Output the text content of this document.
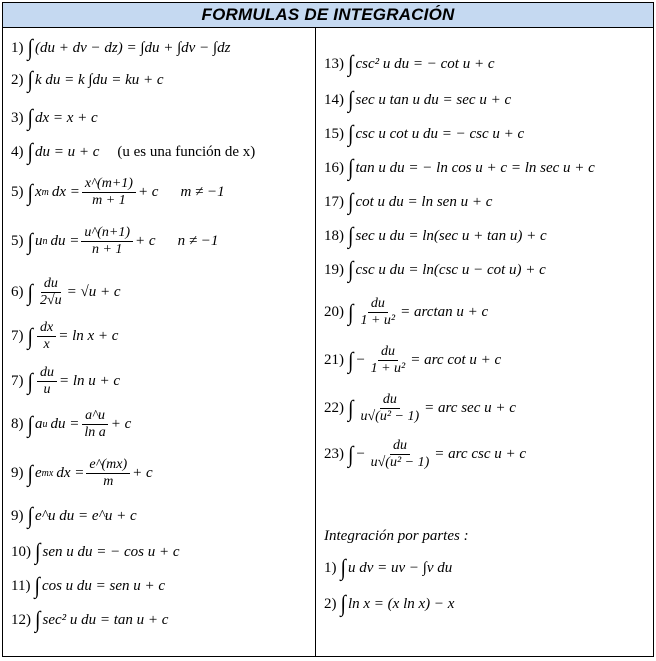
FORMULAS DE INTEGRACIÓN
1) ∫ (du + dv − dz) = ∫du + ∫dv − ∫dz
2) ∫ k du = k ∫du = ku + c
3) ∫ dx = x + c
4) ∫ du = u + c (u es una función de x)
5) ∫ x m dx = $\frac{x\^{}(m+1)}{m + 1} + c$ m ≠ −1
5) ∫ u n du = $\frac{u\^{}(n+1)}{n + 1} + c$ n ≠ −1
6) ∫ $\frac{du}{2√u} = √u + c$
7) ∫ $\frac{dx}{x} = \ln x + c$
7) ∫ $\frac{du}{u} = \ln u + c$
8) ∫ a u du = $\frac{a\^{}u}{\text{ln a}} + c$
9) ∫ e mx dx = $\frac{e\^{}(mx)}{m} + c$
9) ∫ e^u du = e^u + c
10) ∫ sen u du = − cos u + c
11) ∫ cos u du = sen u + c
12) ∫ sec² u du = tan u + c
13) ∫ csc² u du = − cot u + c
14) ∫ sec u tan u du = sec u + c
15) ∫ csc u cot u du = − csc u + c
16) ∫ tan u du = − ln cos u + c = ln sec u + c
17) ∫ cot u du = ln sen u + c
18) ∫ sec u du = ln(sec u + tan u) + c
19) ∫ csc u du = ln(csc u − cot u) + c
20) ∫ $\frac{du}{\text{1 + u²}} = \arctan u + c$
21) ∫ − $\frac{du}{\text{1 + u²}}$ = arc cot u + c
22) ∫ $\frac{du}{\text{u√(u² − 1)}}$ = arc sec u + c
23) ∫ − $\frac{du}{\text{u√(u² − 1)}}$ = arc csc u + c
Integración por partes :
1) ∫ u dv = uv − ∫v du
2) ∫ ln x = (x ln x) − x
